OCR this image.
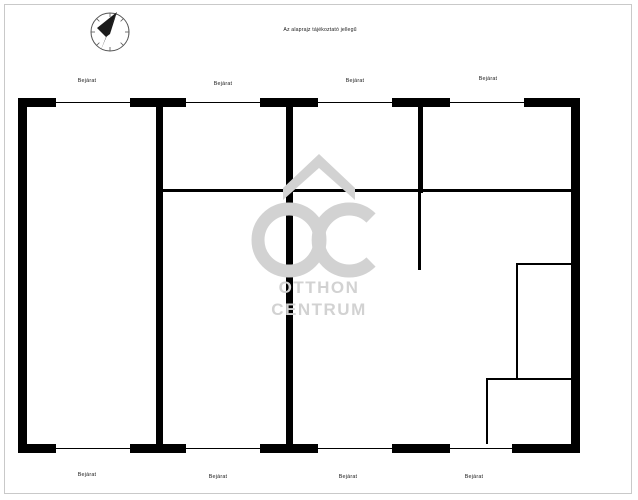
Az alaprajz tájékoztató jellegű
Bejárat	Bejárat	Bejárat	Bejárat
Bejárat	Bejárat	Bejárat	Bejárat
OTTHON
CENTRUM
